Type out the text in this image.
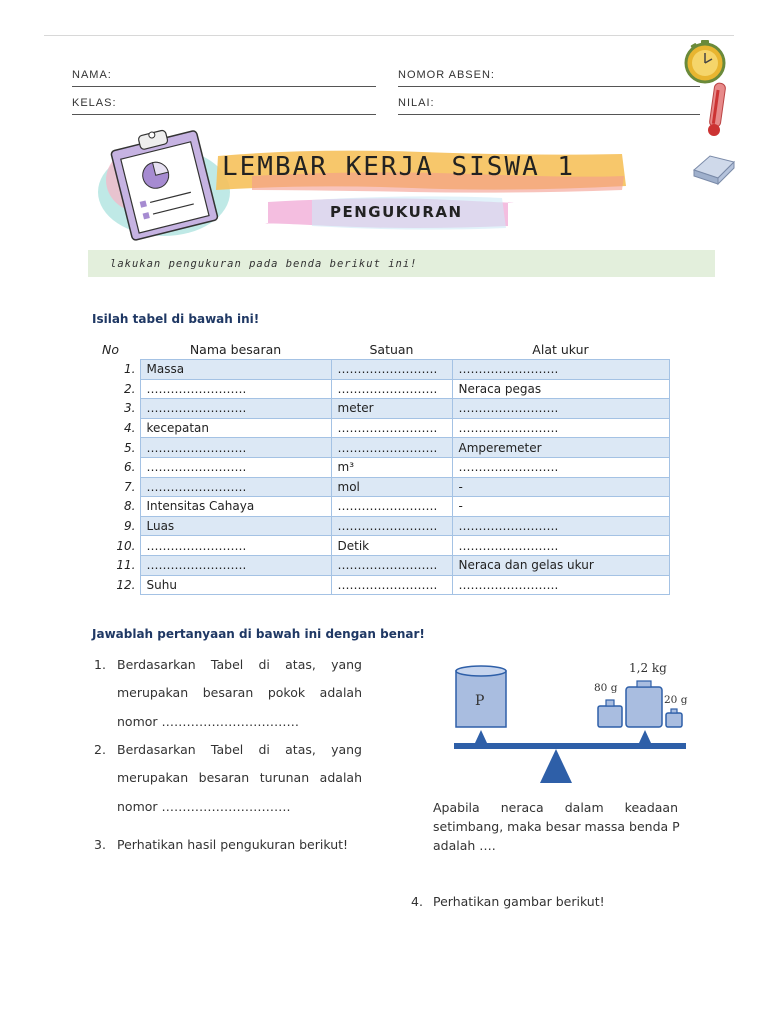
NAMA:	NOMOR ABSEN:
KELAS:	NILAI:
LEMBAR KERJA SISWA 1
PENGUKURAN
lakukan pengukuran pada benda berikut ini!
Isilah tabel di bawah ini!
No	Nama besaran	Satuan	Alat ukur
1.	Massa	…………………….	…………………….
2.	…………………….	…………………….	Neraca pegas
3.	…………………….	meter	…………………….
4.	kecepatan	…………………….	…………………….
5.	…………………….	…………………….	Amperemeter
6.	…………………….	m³	…………………….
7.	…………………….	mol	-
8.	Intensitas Cahaya	…………………….	-
9.	Luas	…………………….	…………………….
10.	…………………….	Detik	…………………….
11.	…………………….	…………………….	Neraca dan gelas ukur
12.	Suhu	…………………….	…………………….
Jawablah pertanyaan di bawah ini dengan benar!
1. Berdasarkan Tabel di atas, yang
merupakan besaran pokok adalah
nomor ……………………………
2. Berdasarkan Tabel di atas, yang
merupakan besaran turunan adalah
nomor ………………………….
3. Perhatikan hasil pengukuran berikut!
1,2 kg
80 g
20 g
P
Apabila neraca dalam keadaan
setimbang, maka besar massa benda P
adalah ….
4. Perhatikan gambar berikut!
